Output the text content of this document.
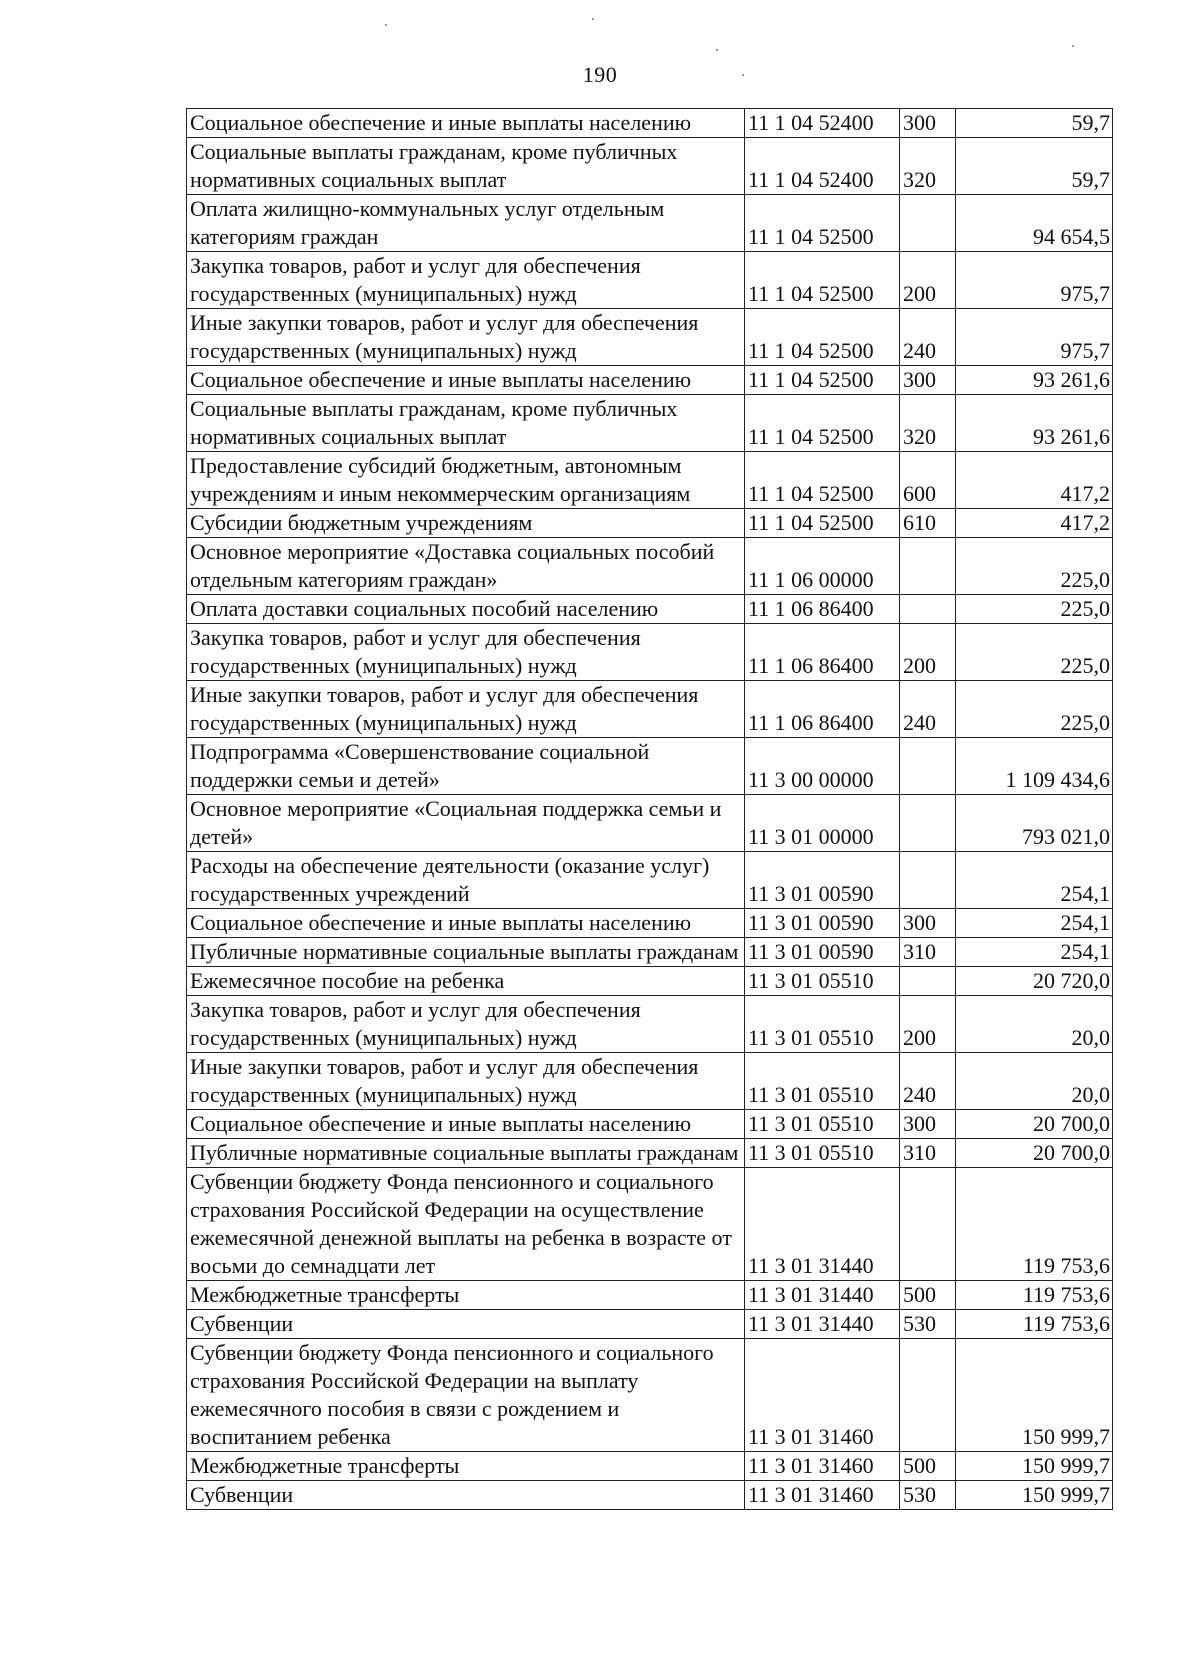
190
Социальное обеспечение и иные выплаты населению	11 1 04 52400	300	59,7
Социальные выплаты гражданам, кроме публичных нормативных социальных выплат	11 1 04 52400	320	59,7
Оплата жилищно-коммунальных услуг отдельным категориям граждан	11 1 04 52500		94 654,5
Закупка товаров, работ и услуг для обеспечения государственных (муниципальных) нужд	11 1 04 52500	200	975,7
Иные закупки товаров, работ и услуг для обеспечения государственных (муниципальных) нужд	11 1 04 52500	240	975,7
Социальное обеспечение и иные выплаты населению	11 1 04 52500	300	93 261,6
Социальные выплаты гражданам, кроме публичных нормативных социальных выплат	11 1 04 52500	320	93 261,6
Предоставление субсидий бюджетным, автономным учреждениям и иным некоммерческим организациям	11 1 04 52500	600	417,2
Субсидии бюджетным учреждениям	11 1 04 52500	610	417,2
Основное мероприятие «Доставка социальных пособий отдельным категориям граждан»	11 1 06 00000		225,0
Оплата доставки социальных пособий населению	11 1 06 86400		225,0
Закупка товаров, работ и услуг для обеспечения государственных (муниципальных) нужд	11 1 06 86400	200	225,0
Иные закупки товаров, работ и услуг для обеспечения государственных (муниципальных) нужд	11 1 06 86400	240	225,0
Подпрограмма «Совершенствование социальной поддержки семьи и детей»	11 3 00 00000		1 109 434,6
Основное мероприятие «Социальная поддержка семьи и детей»	11 3 01 00000		793 021,0
Расходы на обеспечение деятельности (оказание услуг) государственных учреждений	11 3 01 00590		254,1
Социальное обеспечение и иные выплаты населению	11 3 01 00590	300	254,1
Публичные нормативные социальные выплаты гражданам	11 3 01 00590	310	254,1
Ежемесячное пособие на ребенка	11 3 01 05510		20 720,0
Закупка товаров, работ и услуг для обеспечения государственных (муниципальных) нужд	11 3 01 05510	200	20,0
Иные закупки товаров, работ и услуг для обеспечения государственных (муниципальных) нужд	11 3 01 05510	240	20,0
Социальное обеспечение и иные выплаты населению	11 3 01 05510	300	20 700,0
Публичные нормативные социальные выплаты гражданам	11 3 01 05510	310	20 700,0
Субвенции бюджету Фонда пенсионного и социального страхования Российской Федерации на осуществление ежемесячной денежной выплаты на ребенка в возрасте от восьми до семнадцати лет	11 3 01 31440		119 753,6
Межбюджетные трансферты	11 3 01 31440	500	119 753,6
Субвенции	11 3 01 31440	530	119 753,6
Субвенции бюджету Фонда пенсионного и социального страхования Российской Федерации на выплату ежемесячного пособия в связи с рождением и воспитанием ребенка	11 3 01 31460		150 999,7
Межбюджетные трансферты	11 3 01 31460	500	150 999,7
Субвенции	11 3 01 31460	530	150 999,7
